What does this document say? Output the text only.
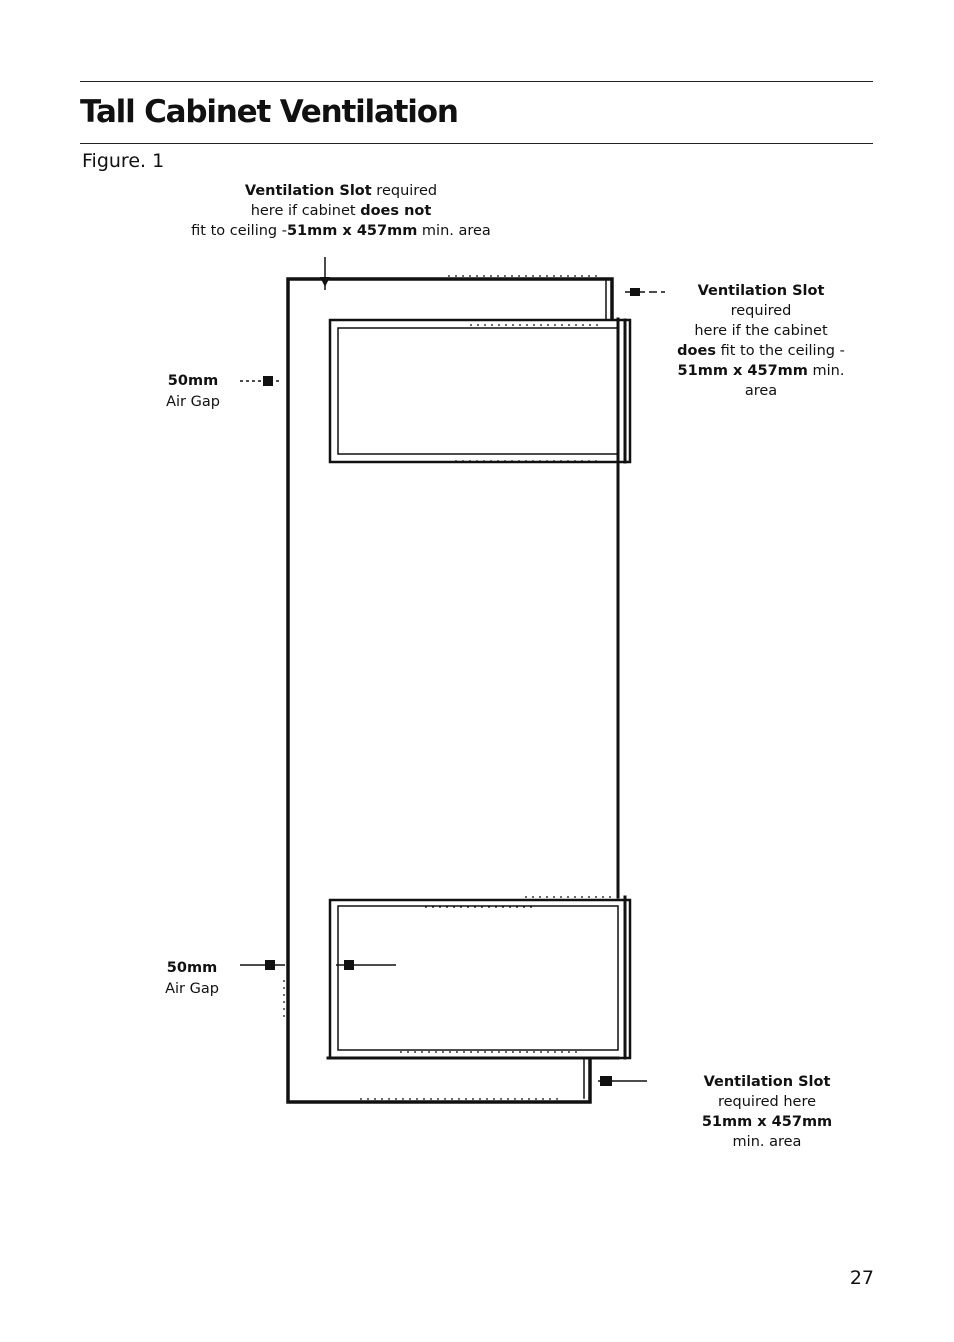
Tall Cabinet Ventilation
Figure. 1
Ventilation Slot required
here if cabinet does not
fit to ceiling -51mm x 457mm min. area
Ventilation Slot
required
here if the cabinet
does fit to the ceiling -
51mm x 457mm min.
area
Ventilation Slot
required here
51mm x 457mm
min. area
50mm
Air Gap
50mm
Air Gap
27
